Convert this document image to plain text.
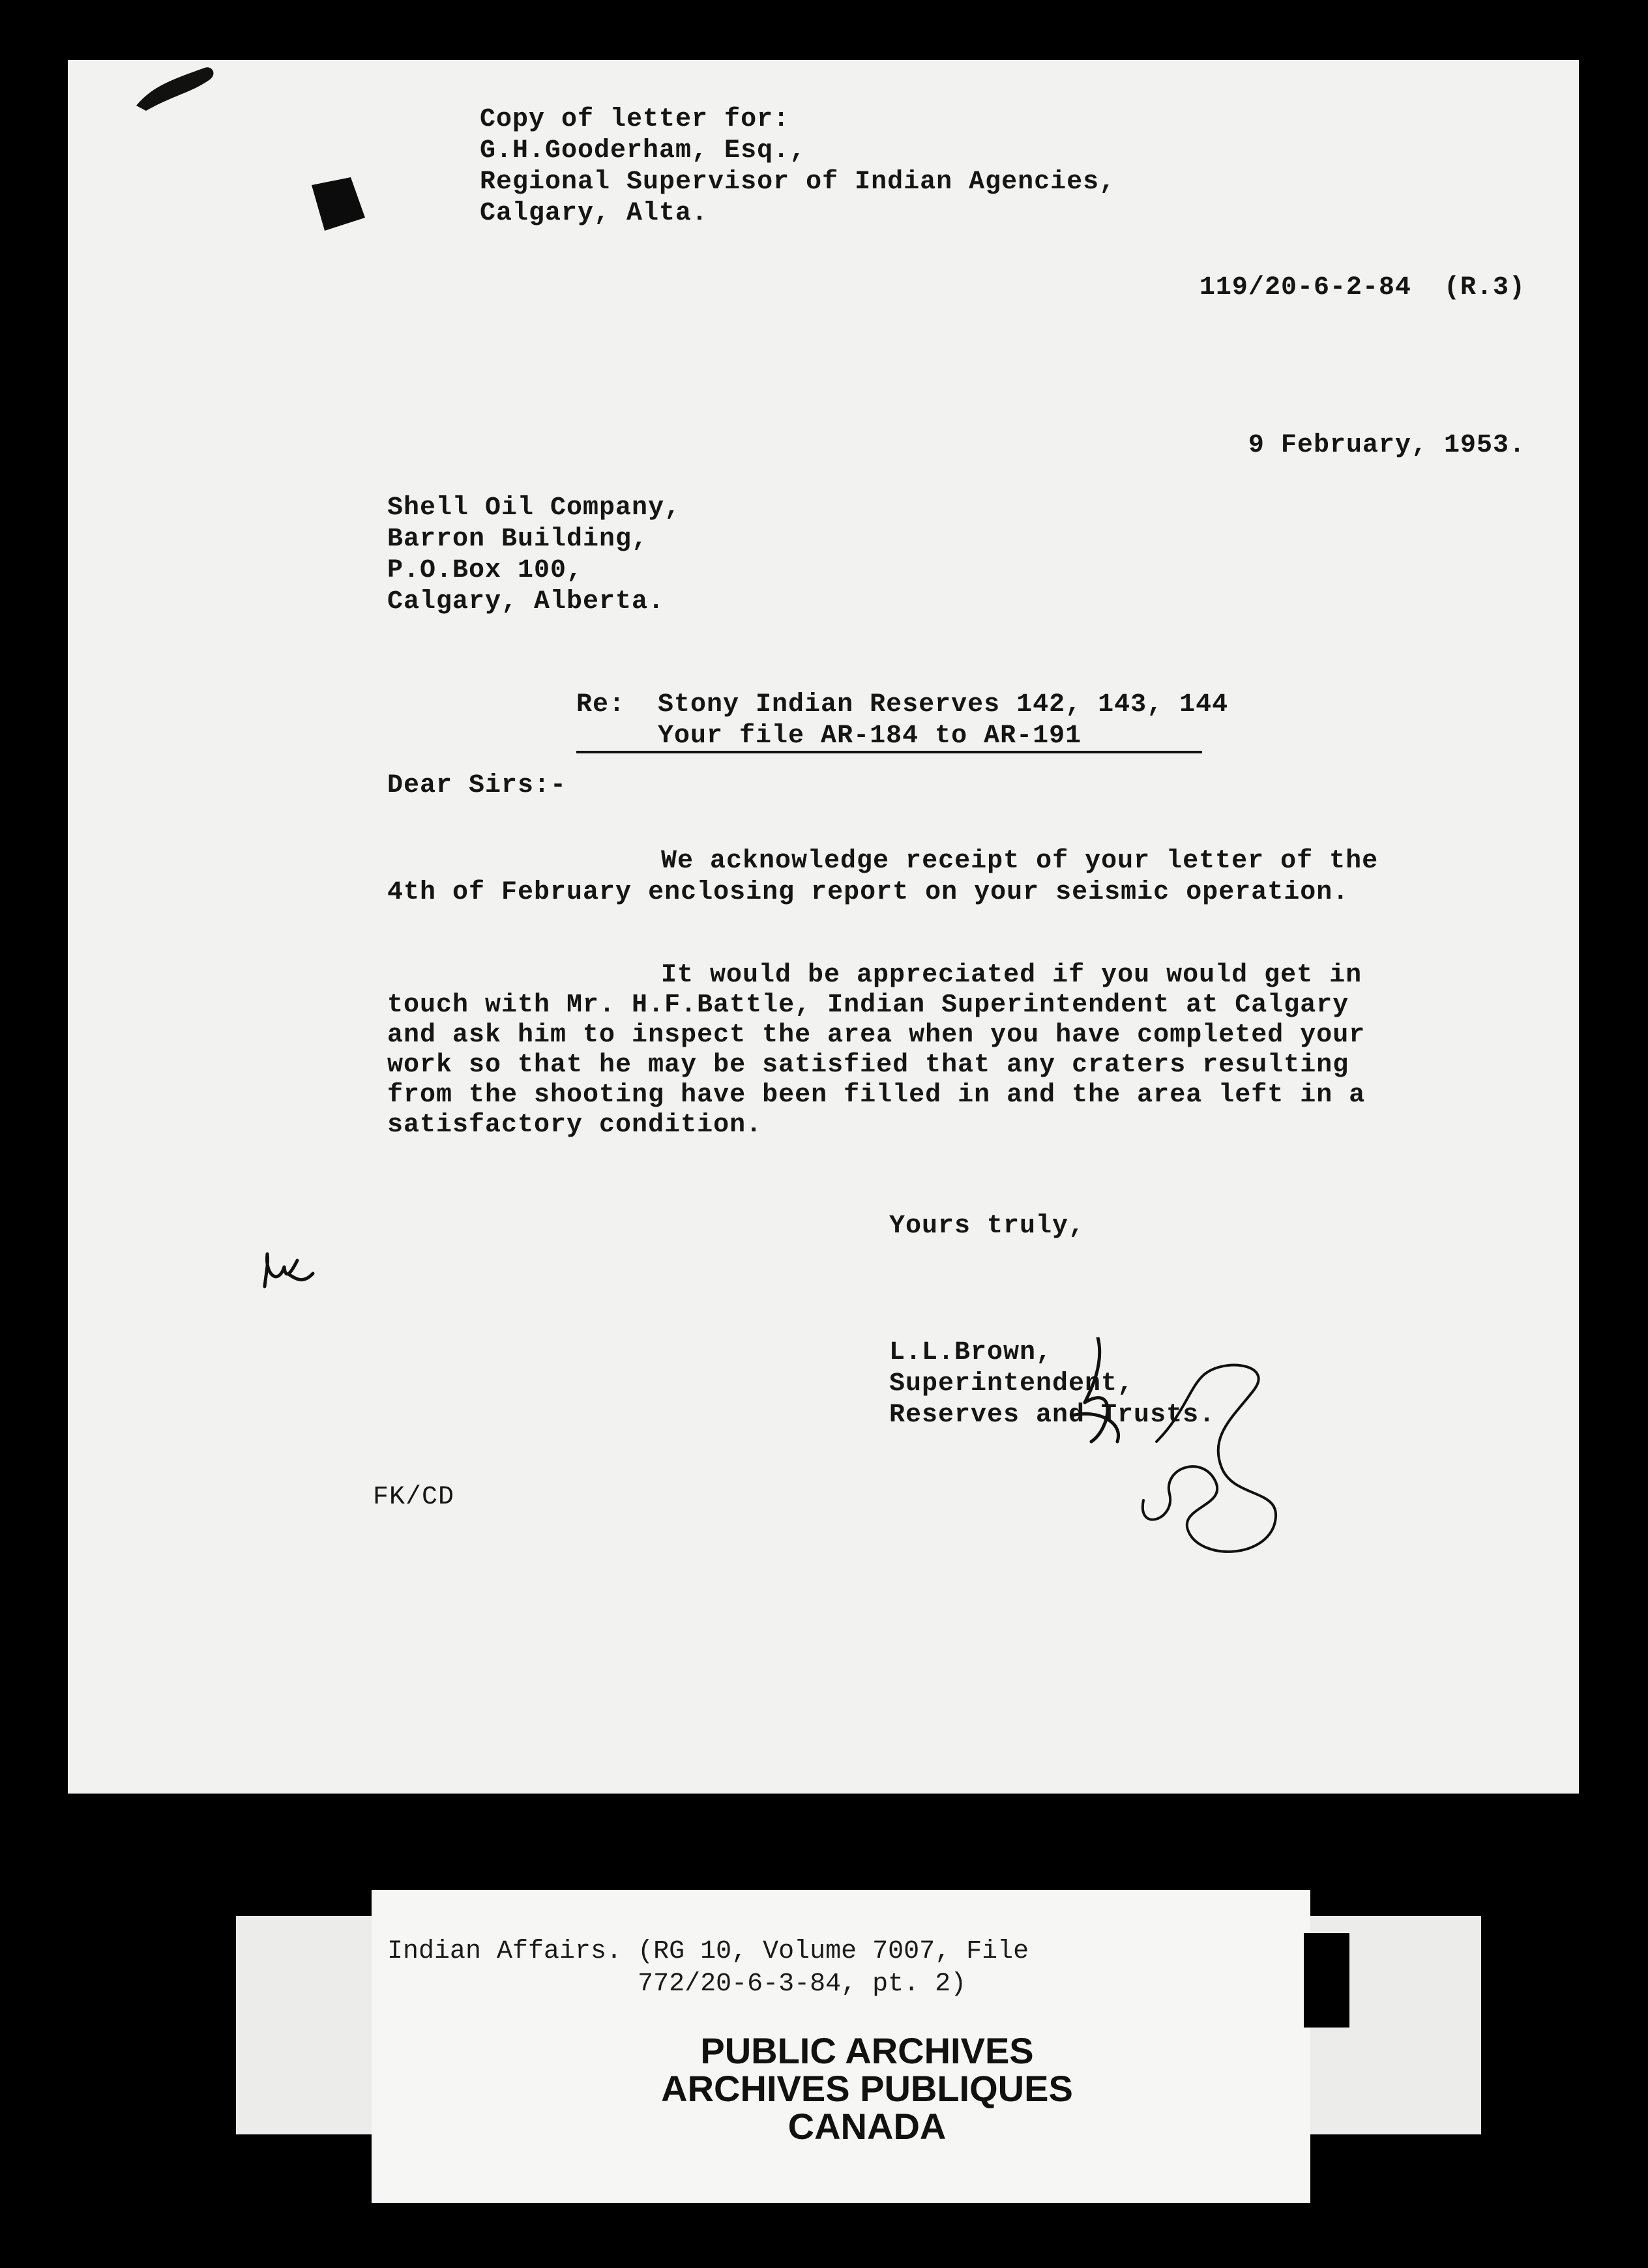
Copy of letter for:
G.H.Gooderham, Esq.,
Regional Supervisor of Indian Agencies,
Calgary, Alta.
119/20-6-2-84  (R.3)
9 February, 1953.
Shell Oil Company,
Barron Building,
P.O.Box 100,
Calgary, Alberta.
Re:  Stony Indian Reserves 142, 143, 144
Your file AR-184 to AR-191
Dear Sirs:-
We acknowledge receipt of your letter of the 4th of February enclosing report on your seismic operation.
It would be appreciated if you would get in touch with Mr. H.F.Battle, Indian Superintendent at Calgary and ask him to inspect the area when you have completed your work so that he may be satisfied that any craters resulting from the shooting have been filled in and the area left in a satisfactory condition.
Yours truly,
L.L.Brown,
Superintendent,
Reserves and Trusts.
FK/CD
Indian Affairs. (RG 10, Volume 7007, File
772/20-6-3-84, pt. 2)
PUBLIC ARCHIVES
ARCHIVES PUBLIQUES
CANADA
